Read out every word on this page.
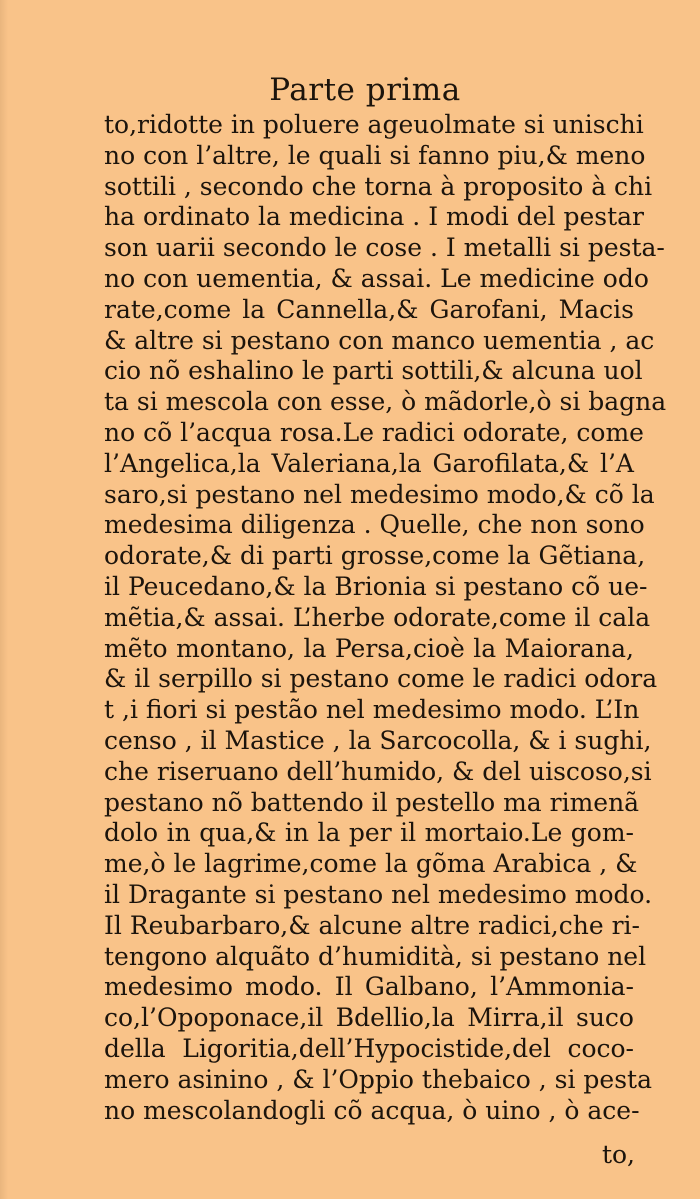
Parte prima
to,ridotte in poluere ageuolmate si unischi
no con l’altre, le quali si fanno piu,& meno
sottili , secondo che torna à proposito à chi
ha ordinato la medicina . I modi del pestar
son uarii secondo le cose . I metalli si pesta-
no con uementia, & assai. Le medicine odo
rate,come la Cannella,& Garofani, Macis
& altre si pestano con manco uementia , ac
cio nõ eshalino le parti sottili,& alcuna uol
ta si mescola con esse, ò mãdorle,ò si bagna
no cõ l’acqua rosa.Le radici odorate, come
l’Angelica,la Valeriana,la Garofilata,& l’A
saro,si pestano nel medesimo modo,& cõ la
medesima diligenza . Quelle, che non sono
odorate,& di parti grosse,come la Gẽtiana,
il Peucedano,& la Brionia si pestano cõ ue-
mẽtia,& assai. L’herbe odorate,come il cala
mẽto montano, la Persa,cioè la Maiorana,
& il serpillo si pestano come le radici odora
t ,i fiori si pestão nel medesimo modo. L’In
censo , il Mastice , la Sarcocolla, & i sughi,
che riseruano dell’humido, & del uiscoso,si
pestano nõ battendo il pestello ma rimenã
dolo in qua,& in la per il mortaio.Le gom-
me,ò le lagrime,come la gõma Arabica , &
il Dragante si pestano nel medesimo modo.
Il Reubarbaro,& alcune altre radici,che ri-
tengono alquãto d’humidità, si pestano nel
medesimo modo. Il Galbano, l’Ammonia-
co,l’Opoponace,il Bdellio,la Mirra,il suco
della Ligoritia,dell’Hypocistide,del coco-
mero asinino , & l’Oppio thebaico , si pesta
no mescolandogli cõ acqua, ò uino , ò ace-
to,
